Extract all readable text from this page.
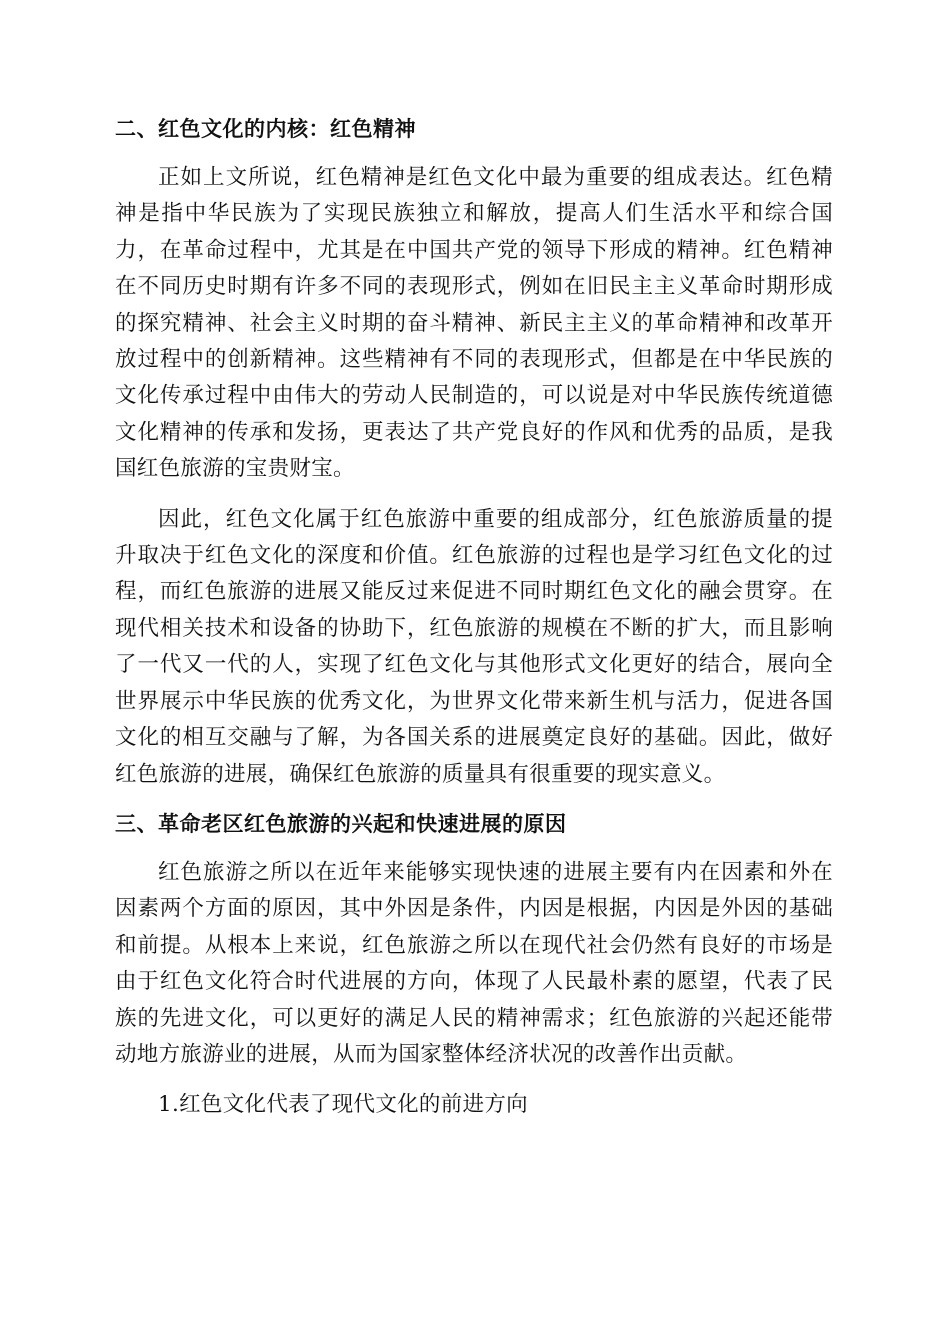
二、红色文化的内核：红色精神

正如上文所说，红色精神是红色文化中最为重要的组成表达。红色精神是指中华民族为了实现民族独立和解放，提高人们生活水平和综合国力，在革命过程中，尤其是在中国共产党的领导下形成的精神。红色精神在不同历史时期有许多不同的表现形式，例如在旧民主主义革命时期形成的探究精神、社会主义时期的奋斗精神、新民主主义的革命精神和改革开放过程中的创新精神。这些精神有不同的表现形式，但都是在中华民族的文化传承过程中由伟大的劳动人民制造的，可以说是对中华民族传统道德文化精神的传承和发扬，更表达了共产党良好的作风和优秀的品质，是我国红色旅游的宝贵财宝。

因此，红色文化属于红色旅游中重要的组成部分，红色旅游质量的提升取决于红色文化的深度和价值。红色旅游的过程也是学习红色文化的过程，而红色旅游的进展又能反过来促进不同时期红色文化的融会贯穿。在现代相关技术和设备的协助下，红色旅游的规模在不断的扩大，而且影响了一代又一代的人，实现了红色文化与其他形式文化更好的结合，展向全世界展示中华民族的优秀文化，为世界文化带来新生机与活力，促进各国文化的相互交融与了解，为各国关系的进展奠定良好的基础。因此，做好红色旅游的进展，确保红色旅游的质量具有很重要的现实意义。

三、革命老区红色旅游的兴起和快速进展的原因

红色旅游之所以在近年来能够实现快速的进展主要有内在因素和外在因素两个方面的原因，其中外因是条件，内因是根据，内因是外因的基础和前提。从根本上来说，红色旅游之所以在现代社会仍然有良好的市场是由于红色文化符合时代进展的方向，体现了人民最朴素的愿望，代表了民族的先进文化，可以更好的满足人民的精神需求；红色旅游的兴起还能带动地方旅游业的进展，从而为国家整体经济状况的改善作出贡献。

1.红色文化代表了现代文化的前进方向
